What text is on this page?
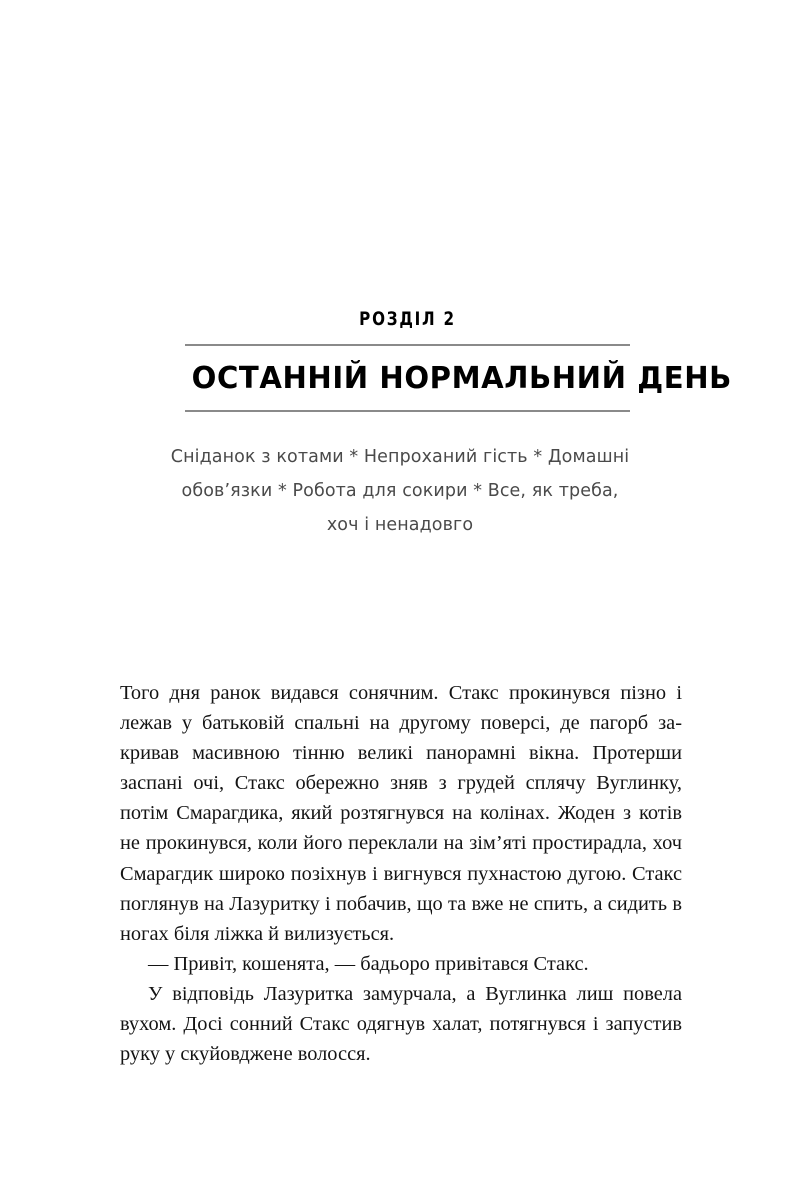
РОЗДІЛ 2
ОСТАННІЙ НОРМАЛЬНИЙ ДЕНЬ
Сніданок з котами * Непроханий гість * Домашні обов’язки * Робота для сокири * Все, як треба, хоч і ненадовго

Того дня ранок видався сонячним. Стакс прокинувся пізно і лежав у батьковій спальні на другому поверсі, де пагорб закривав масивною тінню великі панорамні вікна. Протерши заспані очі, Стакс обережно зняв з грудей сплячу Вуглинку, потім Смарагдика, який розтягнувся на колінах. Жоден з котів не прокинувся, коли його переклали на зім’яті простирадла, хоч Смарагдик широко позіхнув і вигнувся пухнастою дугою. Стакс поглянув на Лазуритку і побачив, що та вже не спить, а сидить в ногах біля ліжка й вилизується.

— Привіт, кошенята, — бадьоро привітався Стакс.

У відповідь Лазуритка замурчала, а Вуглинка лиш повела вухом. Досі сонний Стакс одягнув халат, потягнувся і запустив руку у скуйовджене волосся.
